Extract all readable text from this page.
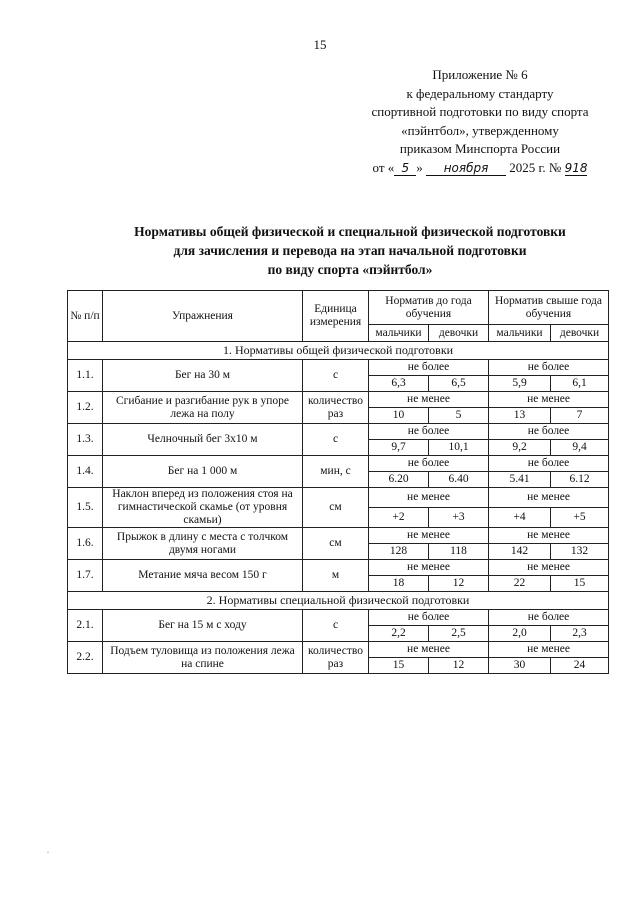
15
Приложение № 6
к федеральному стандарту
спортивной подготовки по виду спорта
«пэйнтбол», утвержденному
приказом Минспорта России
от « 5 » ноября 2025 г. № 918
Нормативы общей физической и специальной физической подготовки
для зачисления и перевода на этап начальной подготовки
по виду спорта «пэйнтбол»
№ п/п	Упражнения	Единица измерения	Норматив до года обучения		Норматив свыше года обучения	
			мальчики	девочки	мальчики	девочки
1. Нормативы общей физической подготовки						
1.1.	Бег на 30 м	с	не более		не более	
			6,3	6,5	5,9	6,1
1.2.	Сгибание и разгибание рук в упоре лежа на полу	количество раз	не менее		не менее	
			10	5	13	7
1.3.	Челночный бег 3x10 м	с	не более		не более	
			9,7	10,1	9,2	9,4
1.4.	Бег на 1 000 м	мин, с	не более		не более	
			6.20	6.40	5.41	6.12
1.5.	Наклон вперед из положения стоя на гимнастической скамье (от уровня скамьи)	см	не менее		не менее	
			+2	+3	+4	+5
1.6.	Прыжок в длину с места с толчком двумя ногами	см	не менее		не менее	
			128	118	142	132
1.7.	Метание мяча весом 150 г	м	не менее		не менее	
			18	12	22	15
2. Нормативы специальной физической подготовки						
2.1.	Бег на 15 м с ходу	с	не более		не более	
			2,2	2,5	2,0	2,3
2.2.	Подъем туловища из положения лежа на спине	количество раз	не менее		не менее	
			15	12	30	24
˚
